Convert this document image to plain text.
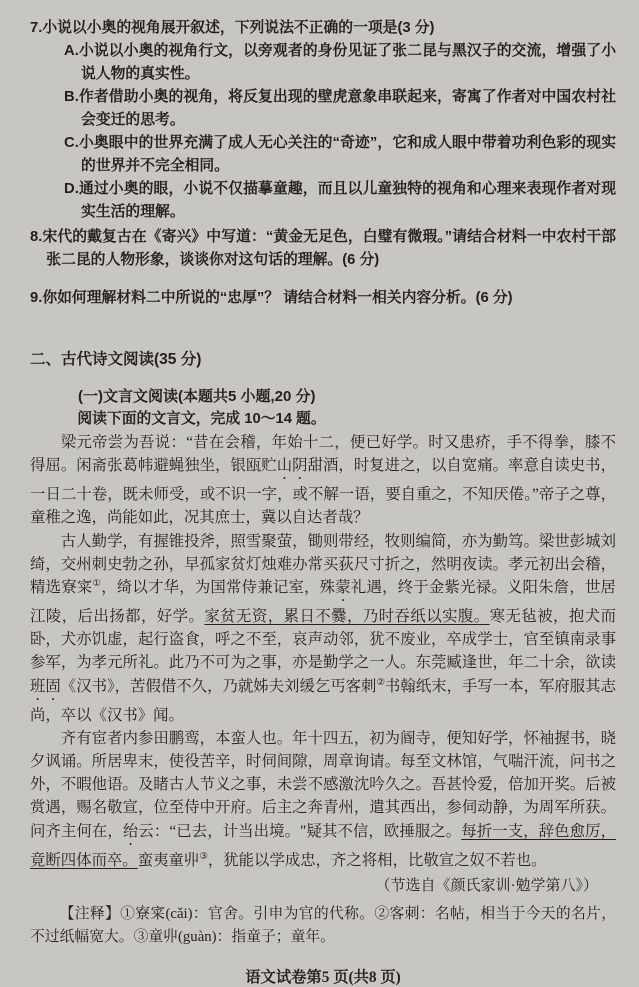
7.小说以小奥的视角展开叙述，下列说法不正确的一项是(3 分)
A.小说以小奥的视角行文，以旁观者的身份见证了张二昆与黑汉子的交流，增强了小说人物的真实性。
B.作者借助小奥的视角，将反复出现的壁虎意象串联起来，寄寓了作者对中国农村社会变迁的思考。
C.小奥眼中的世界充满了成人无心关注的“奇迹”，它和成人眼中带着功利色彩的现实的世界并不完全相同。
D.通过小奥的眼，小说不仅描摹童趣，而且以儿童独特的视角和心理来表现作者对现实生活的理解。
8.宋代的戴复古在《寄兴》中写道：“黄金无足色，白璧有微瑕。”请结合材料一中农村干部张二昆的人物形象，谈谈你对这句话的理解。(6 分)
9.你如何理解材料二中所说的“忠厚”？ 请结合材料一相关内容分析。(6 分)
二、古代诗文阅读(35 分)
(一)文言文阅读(本题共5 小题,20 分)
阅读下面的文言文，完成 10～14 题。

梁元帝尝为吾说：“昔在会稽，年始十二，便已好学。时又患疥，手不得拳，膝不得屈。闲斋张葛帏避蝇独坐，银瓯贮山阴甜酒，时复进之，以自宽痛。率意自读史书，一日二十卷，既未师受，或不识一字，或不解一语，要自重之，不知厌倦。”帝子之尊，童稚之逸，尚能如此，况其庶士，冀以自达者哉？

古人勤学，有握锥投斧，照雪聚萤，锄则带经，牧则编简，亦为勤笃。梁世彭城刘绮，交州刺史勃之孙，早孤家贫灯烛难办常买荻尺寸折之，然明夜读。孝元初出会稽，精选寮寀①，绮以才华，为国常侍兼记室，殊蒙礼遇，终于金紫光禄。义阳朱詹，世居江陵，后出扬都，好学。家贫无资，累日不爨，乃时吞纸以实腹。寒无毡被，抱犬而卧，犬亦饥虚，起行盗食，呼之不至，哀声动邻，犹不废业，卒成学士，官至镇南录事参军，为孝元所礼。此乃不可为之事，亦是勤学之一人。东莞臧逢世，年二十余，欲读班固《汉书》，苦假借不久，乃就姊夫刘缓乞丐客刺②书翰纸末，手写一本，军府服其志尚，卒以《汉书》闻。

齐有宦者内参田鹏鸾，本蛮人也。年十四五，初为阍寺，便知好学，怀袖握书，晓夕讽诵。所居卑末，使役苦辛，时伺间隙，周章询请。每至文林馆，气喘汗流，问书之外，不暇他语。及睹古人节义之事，未尝不感激沈吟久之。吾甚怜爱，倍加开奖。后被赏遇，赐名敬宣，位至侍中开府。后主之奔青州，遣其西出，参伺动静，为周军所获。问齐主何在，绐云：“已去，计当出境。"疑其不信，欧捶服之。每折一支，辞色愈厉，竟断四体而卒。蛮夷童丱③，犹能以学成忠，齐之将相，比敬宣之奴不若也。

（节选自《颜氏家训·勉学第八》）
【注释】①寮寀(cǎi)：官舍。引申为官的代称。②客刺：名帖，相当于今天的名片，不过纸幅宽大。③童丱(guàn)：指童子；童年。
语文试卷第5 页(共8 页)
